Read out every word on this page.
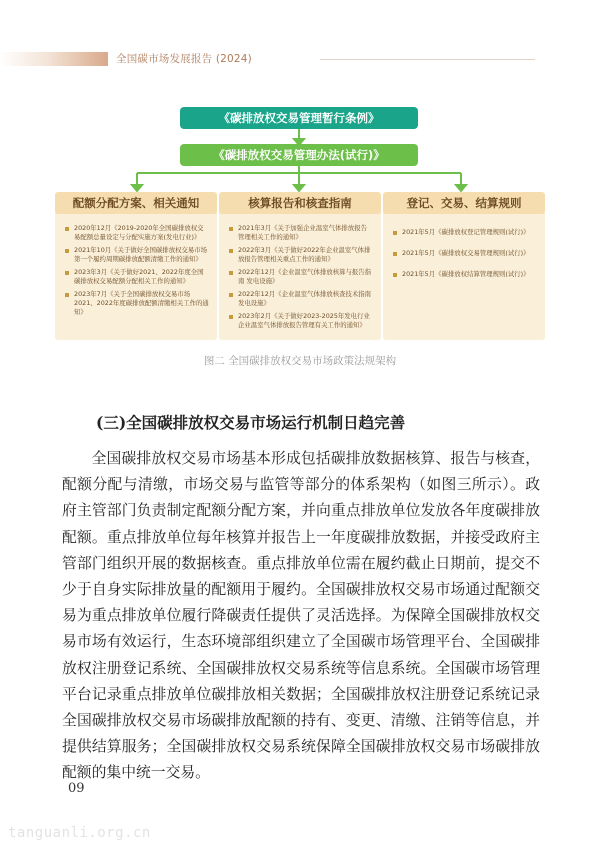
全国碳市场发展报告 (2024)
《碳排放权交易管理暂行条例》
《碳排放权交易管理办法(试行)》
2020年12月《2019-2020年全国碳排放权交易配额总量设定与分配实施方案(发电行业)》
2021年10月《关于做好全国碳排放权交易市场第一个履约周期碳排放配额清缴工作的通知》
2023年3月《关于做好2021、2022年度全国碳排放权交易配额分配相关工作的通知》
2023年7月《关于全国碳排放权交易市场2021、2022年度碳排放配额清缴相关工作的通知》
配额分配方案、相关通知
2021年3月《关于加强企业温室气体排放报告管理相关工作的通知》
2022年3月《关于做好2022年企业温室气体排放报告管理相关重点工作的通知》
2022年12月《企业温室气体排放核算与报告指南 发电设施》
2022年12月《企业温室气体排放核查技术指南 发电设施》
2023年2月《关于做好2023-2025年发电行业企业温室气体排放报告管理有关工作的通知》
核算报告和核查指南
2021年5月《碳排放权登记管理规则(试行)》
2021年5月《碳排放权交易管理规则(试行)》
2021年5月《碳排放权结算管理规则(试行)》
登记、交易、结算规则
图二 全国碳排放权交易市场政策法规架构
(三)全国碳排放权交易市场运行机制日趋完善

全国碳排放权交易市场基本形成包括碳排放数据核算、报告与核查，配额分配与清缴，市场交易与监管等部分的体系架构（如图三所示）。政府主管部门负责制定配额分配方案，并向重点排放单位发放各年度碳排放配额。重点排放单位每年核算并报告上一年度碳排放数据，并接受政府主管部门组织开展的数据核查。重点排放单位需在履约截止日期前，提交不少于自身实际排放量的配额用于履约。全国碳排放权交易市场通过配额交易为重点排放单位履行降碳责任提供了灵活选择。为保障全国碳排放权交易市场有效运行，生态环境部组织建立了全国碳市场管理平台、全国碳排放权注册登记系统、全国碳排放权交易系统等信息系统。全国碳市场管理平台记录重点排放单位碳排放相关数据；全国碳排放权注册登记系统记录全国碳排放权交易市场碳排放配额的持有、变更、清缴、注销等信息，并提供结算服务；全国碳排放权交易系统保障全国碳排放权交易市场碳排放配额的集中统一交易。

09
tanguanli.org.cn
